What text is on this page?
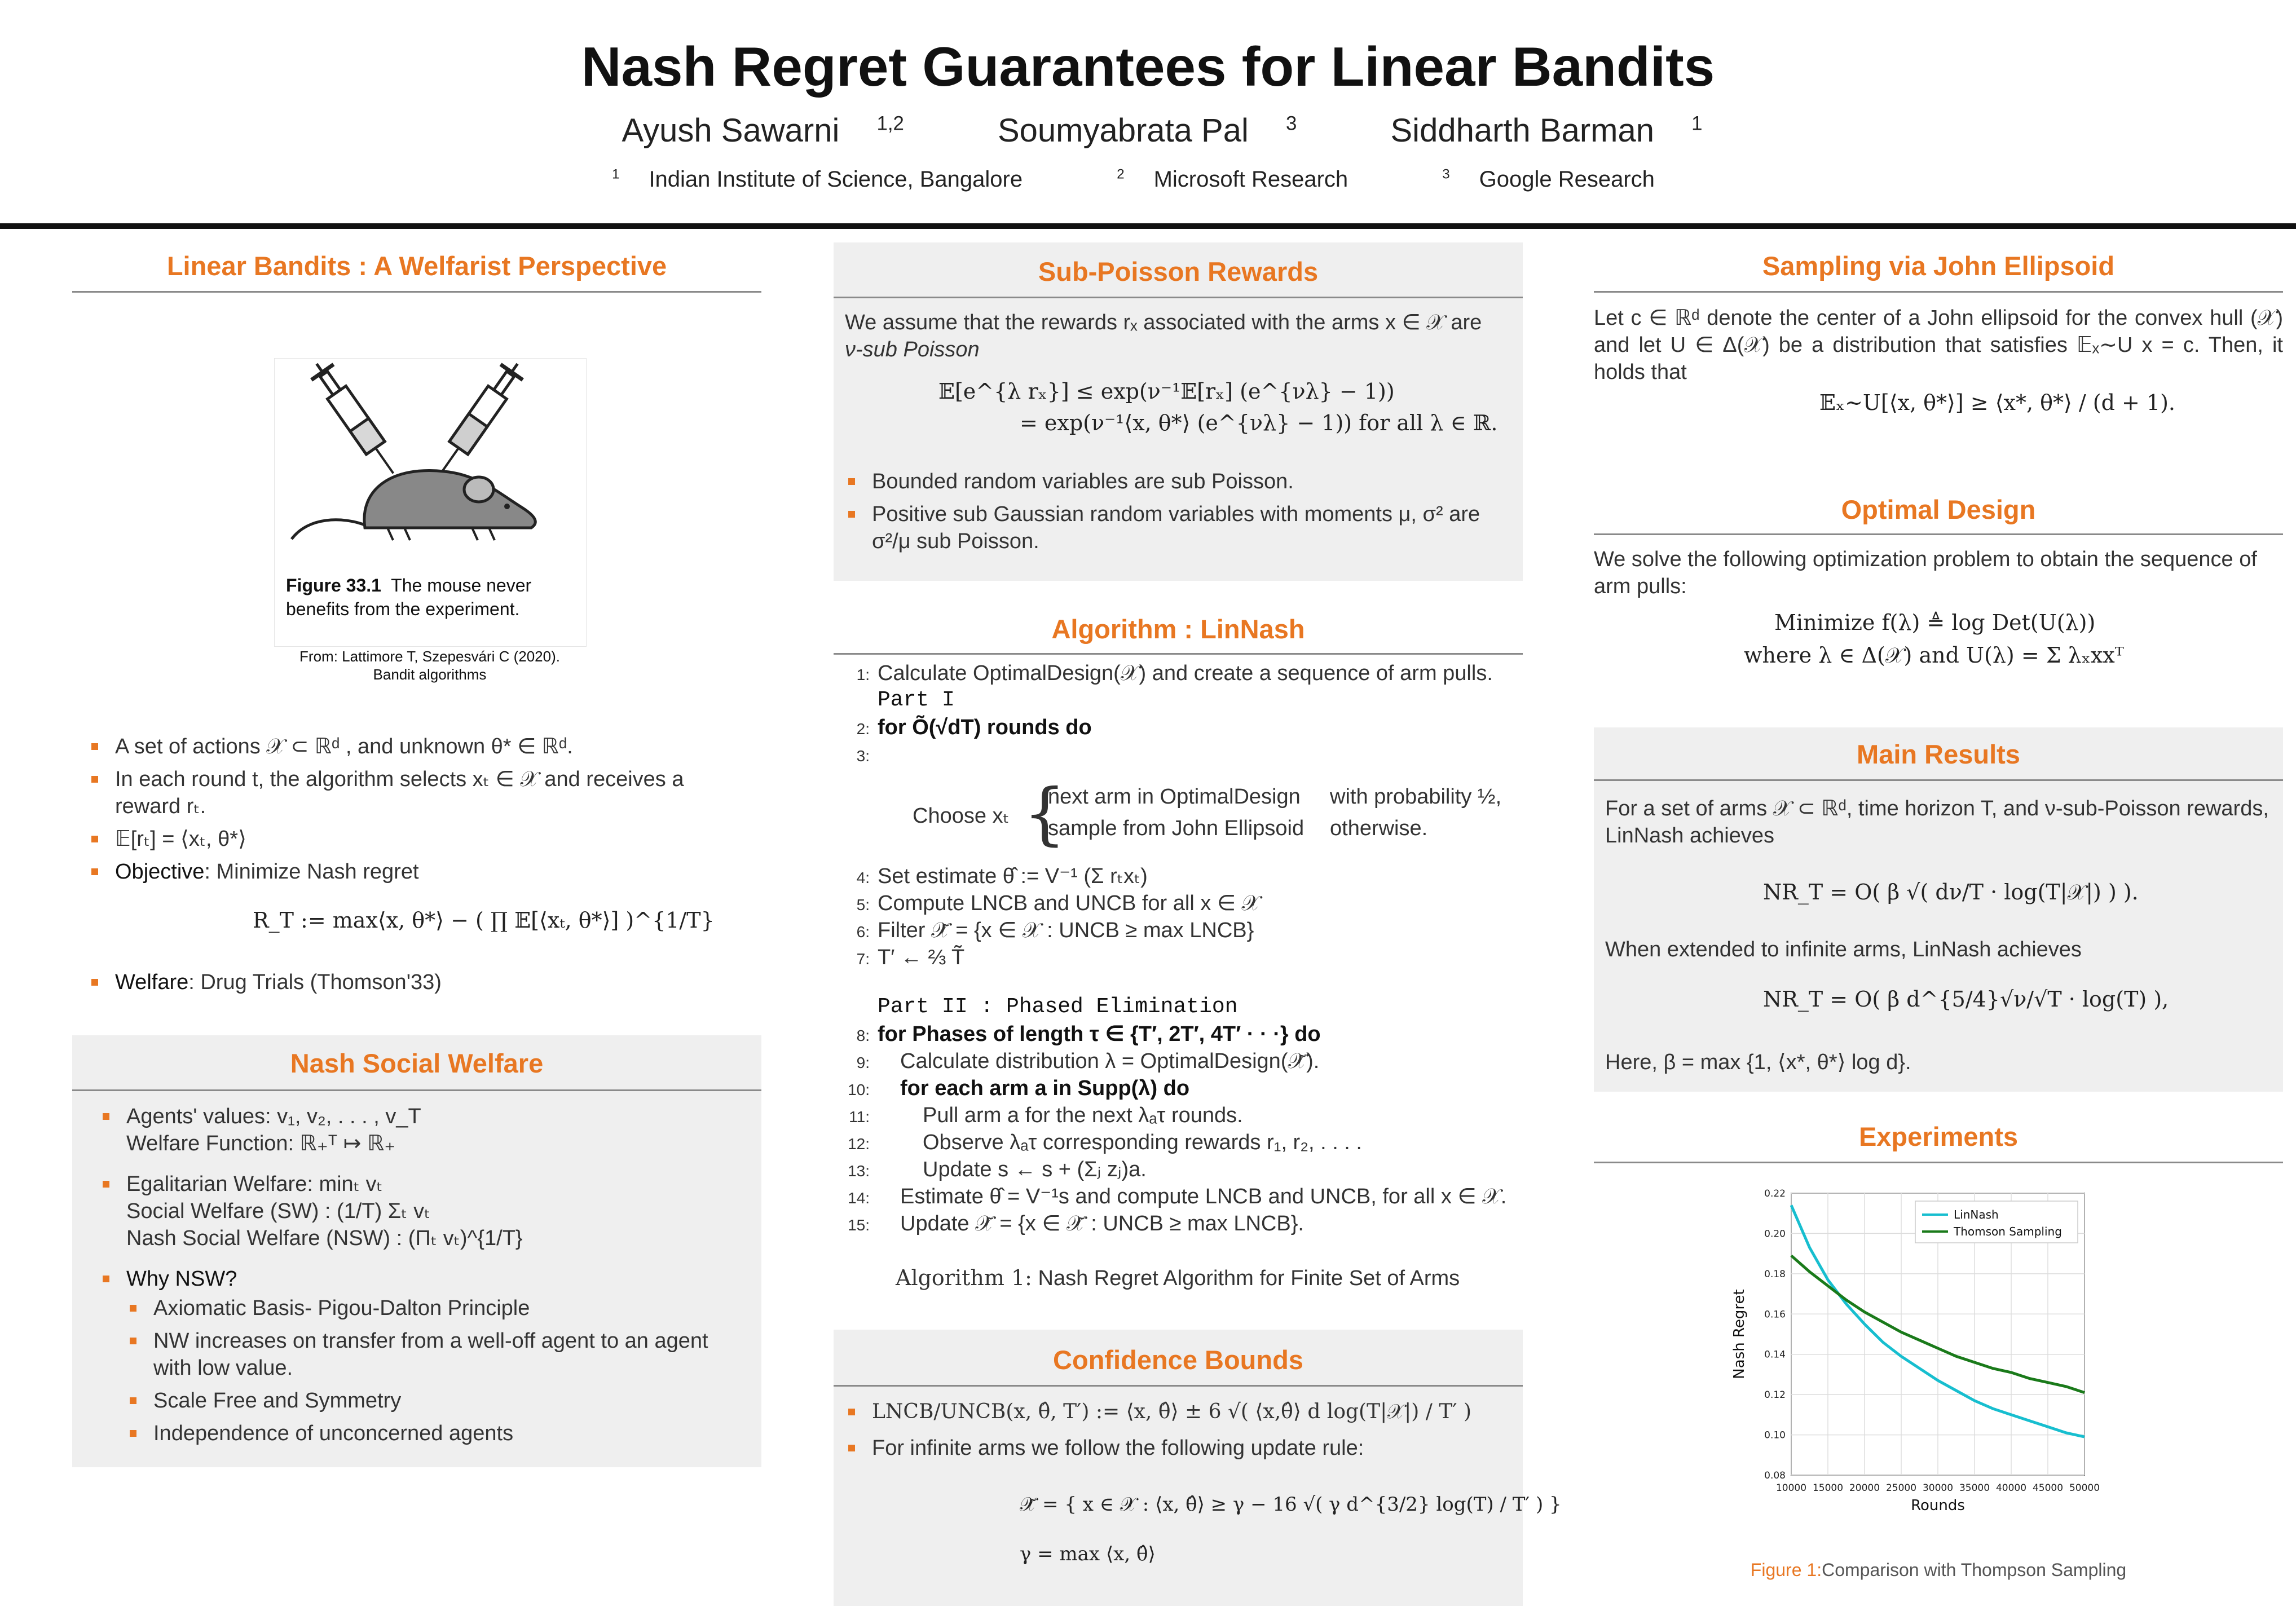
Nash Regret Guarantees for Linear Bandits
Ayush Sawarni $^{1,2}$	Soumyabrata Pal $^3$	Siddharth Barman $^1$
$^1$ Indian Institute of Science, Bangalore	$^2$ Microsoft Research	$^3$ Google Research
Linear Bandits : A Welfarist Perspective
Figure 33.1 The mouse never
benefits from the experiment.
From: Lattimore T, Szepesvári C (2020).
Bandit algorithms
A set of actions 𝒳 ⊂ ℝᵈ , and unknown θ* ∈ ℝᵈ.
In each round t, the algorithm selects xₜ ∈ 𝒳 and receives a reward rₜ.
𝔼[rₜ] = ⟨xₜ, θ*⟩
Objective: Minimize Nash regret
R_T := max⟨x, θ*⟩ − ( ∏ 𝔼[⟨xₜ, θ*⟩] )^{1/T}
Welfare: Drug Trials (Thomson'33)
Nash Social Welfare
Agents' values: v₁, v₂, . . . , v_T
Welfare Function: ℝ₊ᵀ ↦ ℝ₊
Egalitarian Welfare: minₜ vₜ
Social Welfare (SW) : (1/T) Σₜ vₜ
Nash Social Welfare (NSW) : (Πₜ vₜ)^{1/T}
Why NSW?
Axiomatic Basis- Pigou-Dalton Principle
NW increases on transfer from a well-off agent to an agent with low value.
Scale Free and Symmetry
Independence of unconcerned agents
Sub-Poisson Rewards
We assume that the rewards rₓ associated with the arms x ∈ 𝒳 are
ν-sub Poisson
𝔼[e^{λ rₓ}] ≤ exp(ν⁻¹𝔼[rₓ] (e^{νλ} − 1))
= exp(ν⁻¹⟨x, θ*⟩ (e^{νλ} − 1)) for all λ ∈ ℝ.
Bounded random variables are sub Poisson.
Positive sub Gaussian random variables with moments μ, σ² are σ²/μ sub Poisson.
Algorithm : LinNash
1: Calculate OptimalDesign(𝒳) and create a sequence of arm pulls.
Part I
2: for Õ(√dT) rounds do
3:
Choose xₜ {
next arm in OptimalDesign with probability ½,
sample from John Ellipsoid otherwise.
4: Set estimate θ̂ := V⁻¹ (Σ rₜxₜ)
5: Compute LNCB and UNCB for all x ∈ 𝒳
6: Filter 𝒳̃ = {x ∈ 𝒳 : UNCB ≥ max LNCB}
7: T′ ← ⅔ T̃
Part II : Phased Elimination
8: for Phases of length τ ∈ {T′, 2T′, 4T′ · · ·} do
9: Calculate distribution λ = OptimalDesign(𝒳̃).
10: for each arm a in Supp(λ) do
11: Pull arm a for the next λₐτ rounds.
12: Observe λₐτ corresponding rewards r₁, r₂, . . . .
13: Update s ← s + (Σⱼ zⱼ)a.
14: Estimate θ̂ = V⁻¹s and compute LNCB and UNCB, for all x ∈ 𝒳.
15: Update 𝒳̃ = {x ∈ 𝒳̃ : UNCB ≥ max LNCB}.
Algorithm 1: Nash Regret Algorithm for Finite Set of Arms
Confidence Bounds
LNCB/UNCB(x, θ̂, T′) := ⟨x, θ̂⟩ ± 6 √( ⟨x,θ̂⟩ d log(T|𝒳|) / T′ )
For infinite arms we follow the following update rule:
𝒳̃ = { x ∈ 𝒳 : ⟨x, θ̂⟩ ≥ γ − 16 √( γ d^{3/2} log(T) / T′ ) }
γ = max ⟨x, θ̂⟩
Sampling via John Ellipsoid
Let c ∈ ℝᵈ denote the center of a John ellipsoid for the convex hull (𝒳) and let U ∈ Δ(𝒳) be a distribution that satisfies 𝔼ₓ∼U x = c. Then, it holds that
𝔼ₓ∼U[⟨x, θ*⟩] ≥ ⟨x*, θ*⟩ / (d + 1).
Optimal Design
We solve the following optimization problem to obtain the sequence of arm pulls:
Minimize f(λ) ≜ log Det(U(λ))
where λ ∈ Δ(𝒳) and U(λ) = Σ λₓxxᵀ
Main Results
For a set of arms 𝒳 ⊂ ℝᵈ, time horizon T, and ν-sub-Poisson rewards, LinNash achieves
NR_T = O( β √( dν/T · log(T|𝒳|) ) ).
When extended to infinite arms, LinNash achieves
NR_T = O( β d^{5/4}√ν/√T · log(T) ),
Here, β = max {1, ⟨x*, θ*⟩ log d}.
Experiments
10000 15000 20000 25000 30000 35000 40000 45000 50000
0.08
0.10
0.12
0.14
0.16
0.18
0.20
0.22
Rounds
Nash Regret
LinNash
Thomson Sampling
Figure 1:Comparison with Thompson Sampling
